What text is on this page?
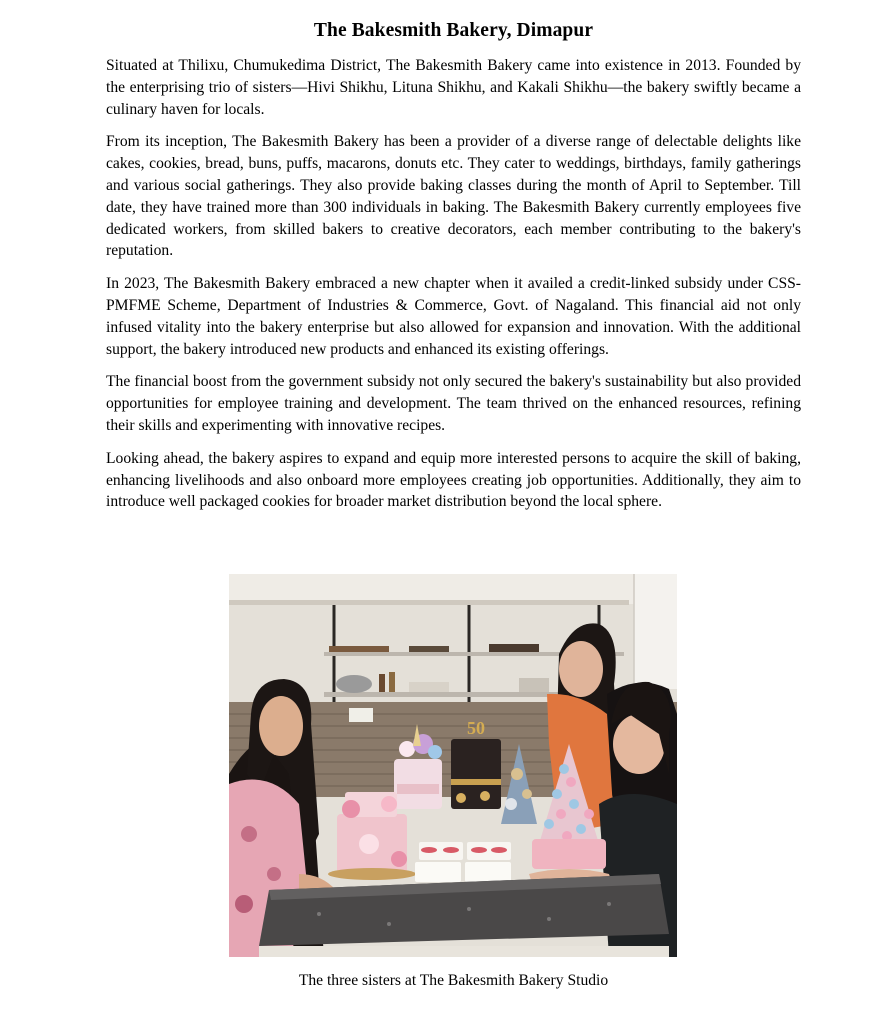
The Bakesmith Bakery, Dimapur

Situated at Thilixu, Chumukedima District, The Bakesmith Bakery came into existence in 2013. Founded by the enterprising trio of sisters—Hivi Shikhu, Lituna Shikhu, and Kakali Shikhu—the bakery swiftly became a culinary haven for locals.

From its inception, The Bakesmith Bakery has been a provider of a diverse range of delectable delights like cakes, cookies, bread, buns, puffs, macarons, donuts etc. They cater to weddings, birthdays, family gatherings and various social gatherings. They also provide baking classes during the month of April to September. Till date, they have trained more than 300 individuals in baking. The Bakesmith Bakery currently employees five dedicated workers, from skilled bakers to creative decorators, each member contributing to the bakery's reputation.

In 2023, The Bakesmith Bakery embraced a new chapter when it availed a credit-linked subsidy under CSS-PMFME Scheme, Department of Industries & Commerce, Govt. of Nagaland. This financial aid not only infused vitality into the bakery enterprise but also allowed for expansion and innovation. With the additional support, the bakery introduced new products and enhanced its existing offerings.

The financial boost from the government subsidy not only secured the bakery's sustainability but also provided opportunities for employee training and development. The team thrived on the enhanced resources, refining their skills and experimenting with innovative recipes.

Looking ahead, the bakery aspires to expand and equip more interested persons to acquire the skill of baking, enhancing livelihoods and also onboard more employees creating job opportunities. Additionally, they aim to introduce well packaged cookies for broader market distribution beyond the local sphere.

50
The three sisters at The Bakesmith Bakery Studio
